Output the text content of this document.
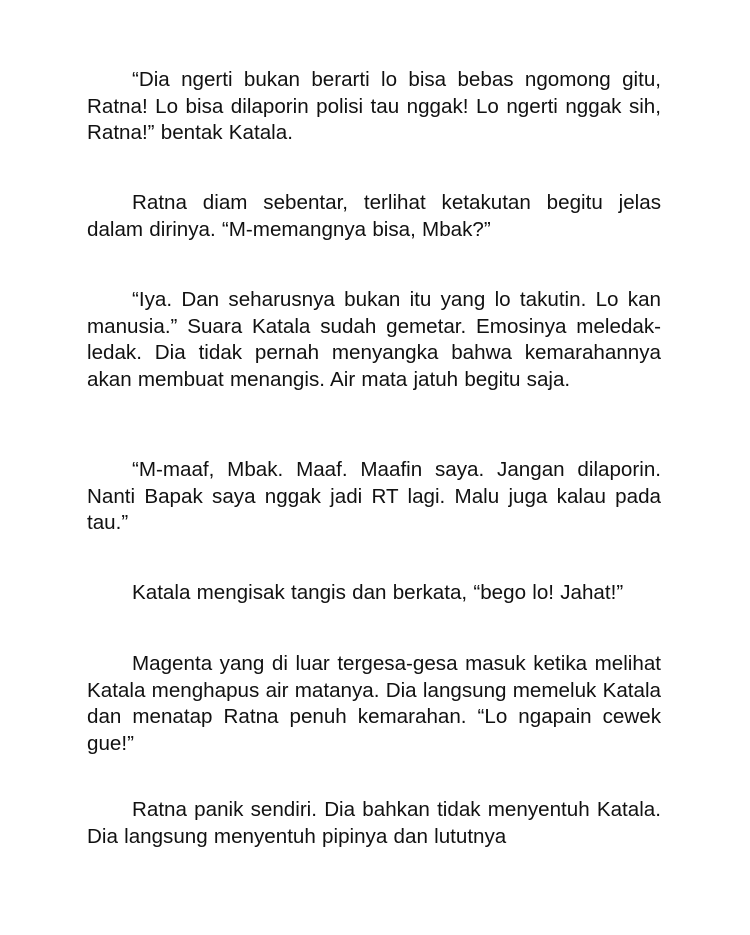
“Dia ngerti bukan berarti lo bisa bebas ngomong gitu, Ratna! Lo bisa dilaporin polisi tau nggak! Lo ngerti nggak sih, Ratna!” bentak Katala.

Ratna diam sebentar, terlihat ketakutan begitu jelas dalam dirinya. “M-memangnya bisa, Mbak?”

“Iya. Dan seharusnya bukan itu yang lo takutin. Lo kan manusia.” Suara Katala sudah gemetar. Emosinya meledak-ledak. Dia tidak pernah menyangka bahwa kemarahannya akan membuat menangis. Air mata jatuh begitu saja.

“M-maaf, Mbak. Maaf. Maafin saya. Jangan dilaporin. Nanti Bapak saya nggak jadi RT lagi. Malu juga kalau pada tau.”

Katala mengisak tangis dan berkata, “bego lo! Jahat!”

Magenta yang di luar tergesa-gesa masuk ketika melihat Katala menghapus air matanya. Dia langsung memeluk Katala dan menatap Ratna penuh kemarahan. “Lo ngapain cewek gue!”

Ratna panik sendiri. Dia bahkan tidak menyentuh Katala. Dia langsung menyentuh pipinya dan lututnya
